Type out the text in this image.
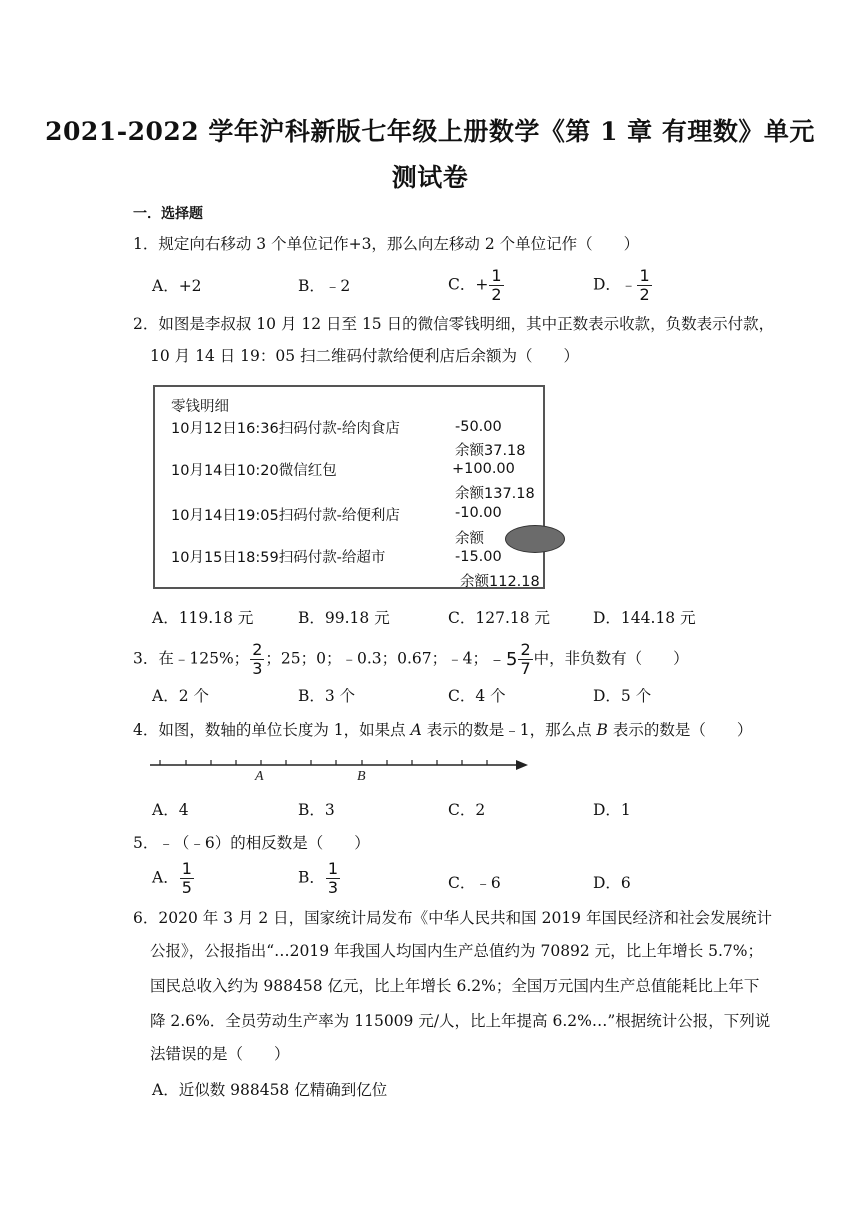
2021-2022 学年沪科新版七年级上册数学《第 1 章 有理数》单元
测试卷
一．选择题
1．规定向右移动 3 个单位记作+3，那么向左移动 2 个单位记作（　　）
A．+2	B．﹣2	C．+ $\frac{1}{2}$	D．﹣ $\frac{1}{2}$
2．如图是李叔叔 10 月 12 日至 15 日的微信零钱明细，其中正数表示收款，负数表示付款，
10 月 14 日 19：05 扫二维码付款给便利店后余额为（　　）
零钱明细
10月12日16:36扫码付款-给肉食店	-50.00
余额37.18
10月14日10:20微信红包	+100.00
余额137.18
10月14日19:05扫码付款-给便利店	-10.00
余额
10月15日18:59扫码付款-给超市	-15.00
余额112.18
A．119.18 元	B．99.18 元	C．127.18 元	D．144.18 元
3．在﹣125%； $\frac{2}{3}$ ；25；0；﹣0.3；0.67；﹣4； ﹣5 $\frac{2}{7}$ 中，非负数有（　　）
A．2 个	B．3 个	C．4 个	D．5 个
4．如图，数轴的单位长度为 1，如果点 A 表示的数是﹣1，那么点 B 表示的数是（　　）
A	B
A．4	B．3	C．2	D．1
5．﹣（﹣6）的相反数是（　　）
A． $\frac{1}{5}$	B． $\frac{1}{3}$	C．﹣6	D．6
6．2020 年 3 月 2 日，国家统计局发布《中华人民共和国 2019 年国民经济和社会发展统计
公报》，公报指出“…2019 年我国人均国内生产总值约为 70892 元，比上年增长 5.7%；
国民总收入约为 988458 亿元，比上年增长 6.2%；全国万元国内生产总值能耗比上年下
降 2.6%．全员劳动生产率为 115009 元/人，比上年提高 6.2%…”根据统计公报，下列说
法错误的是（　　）
A．近似数 988458 亿精确到亿位
